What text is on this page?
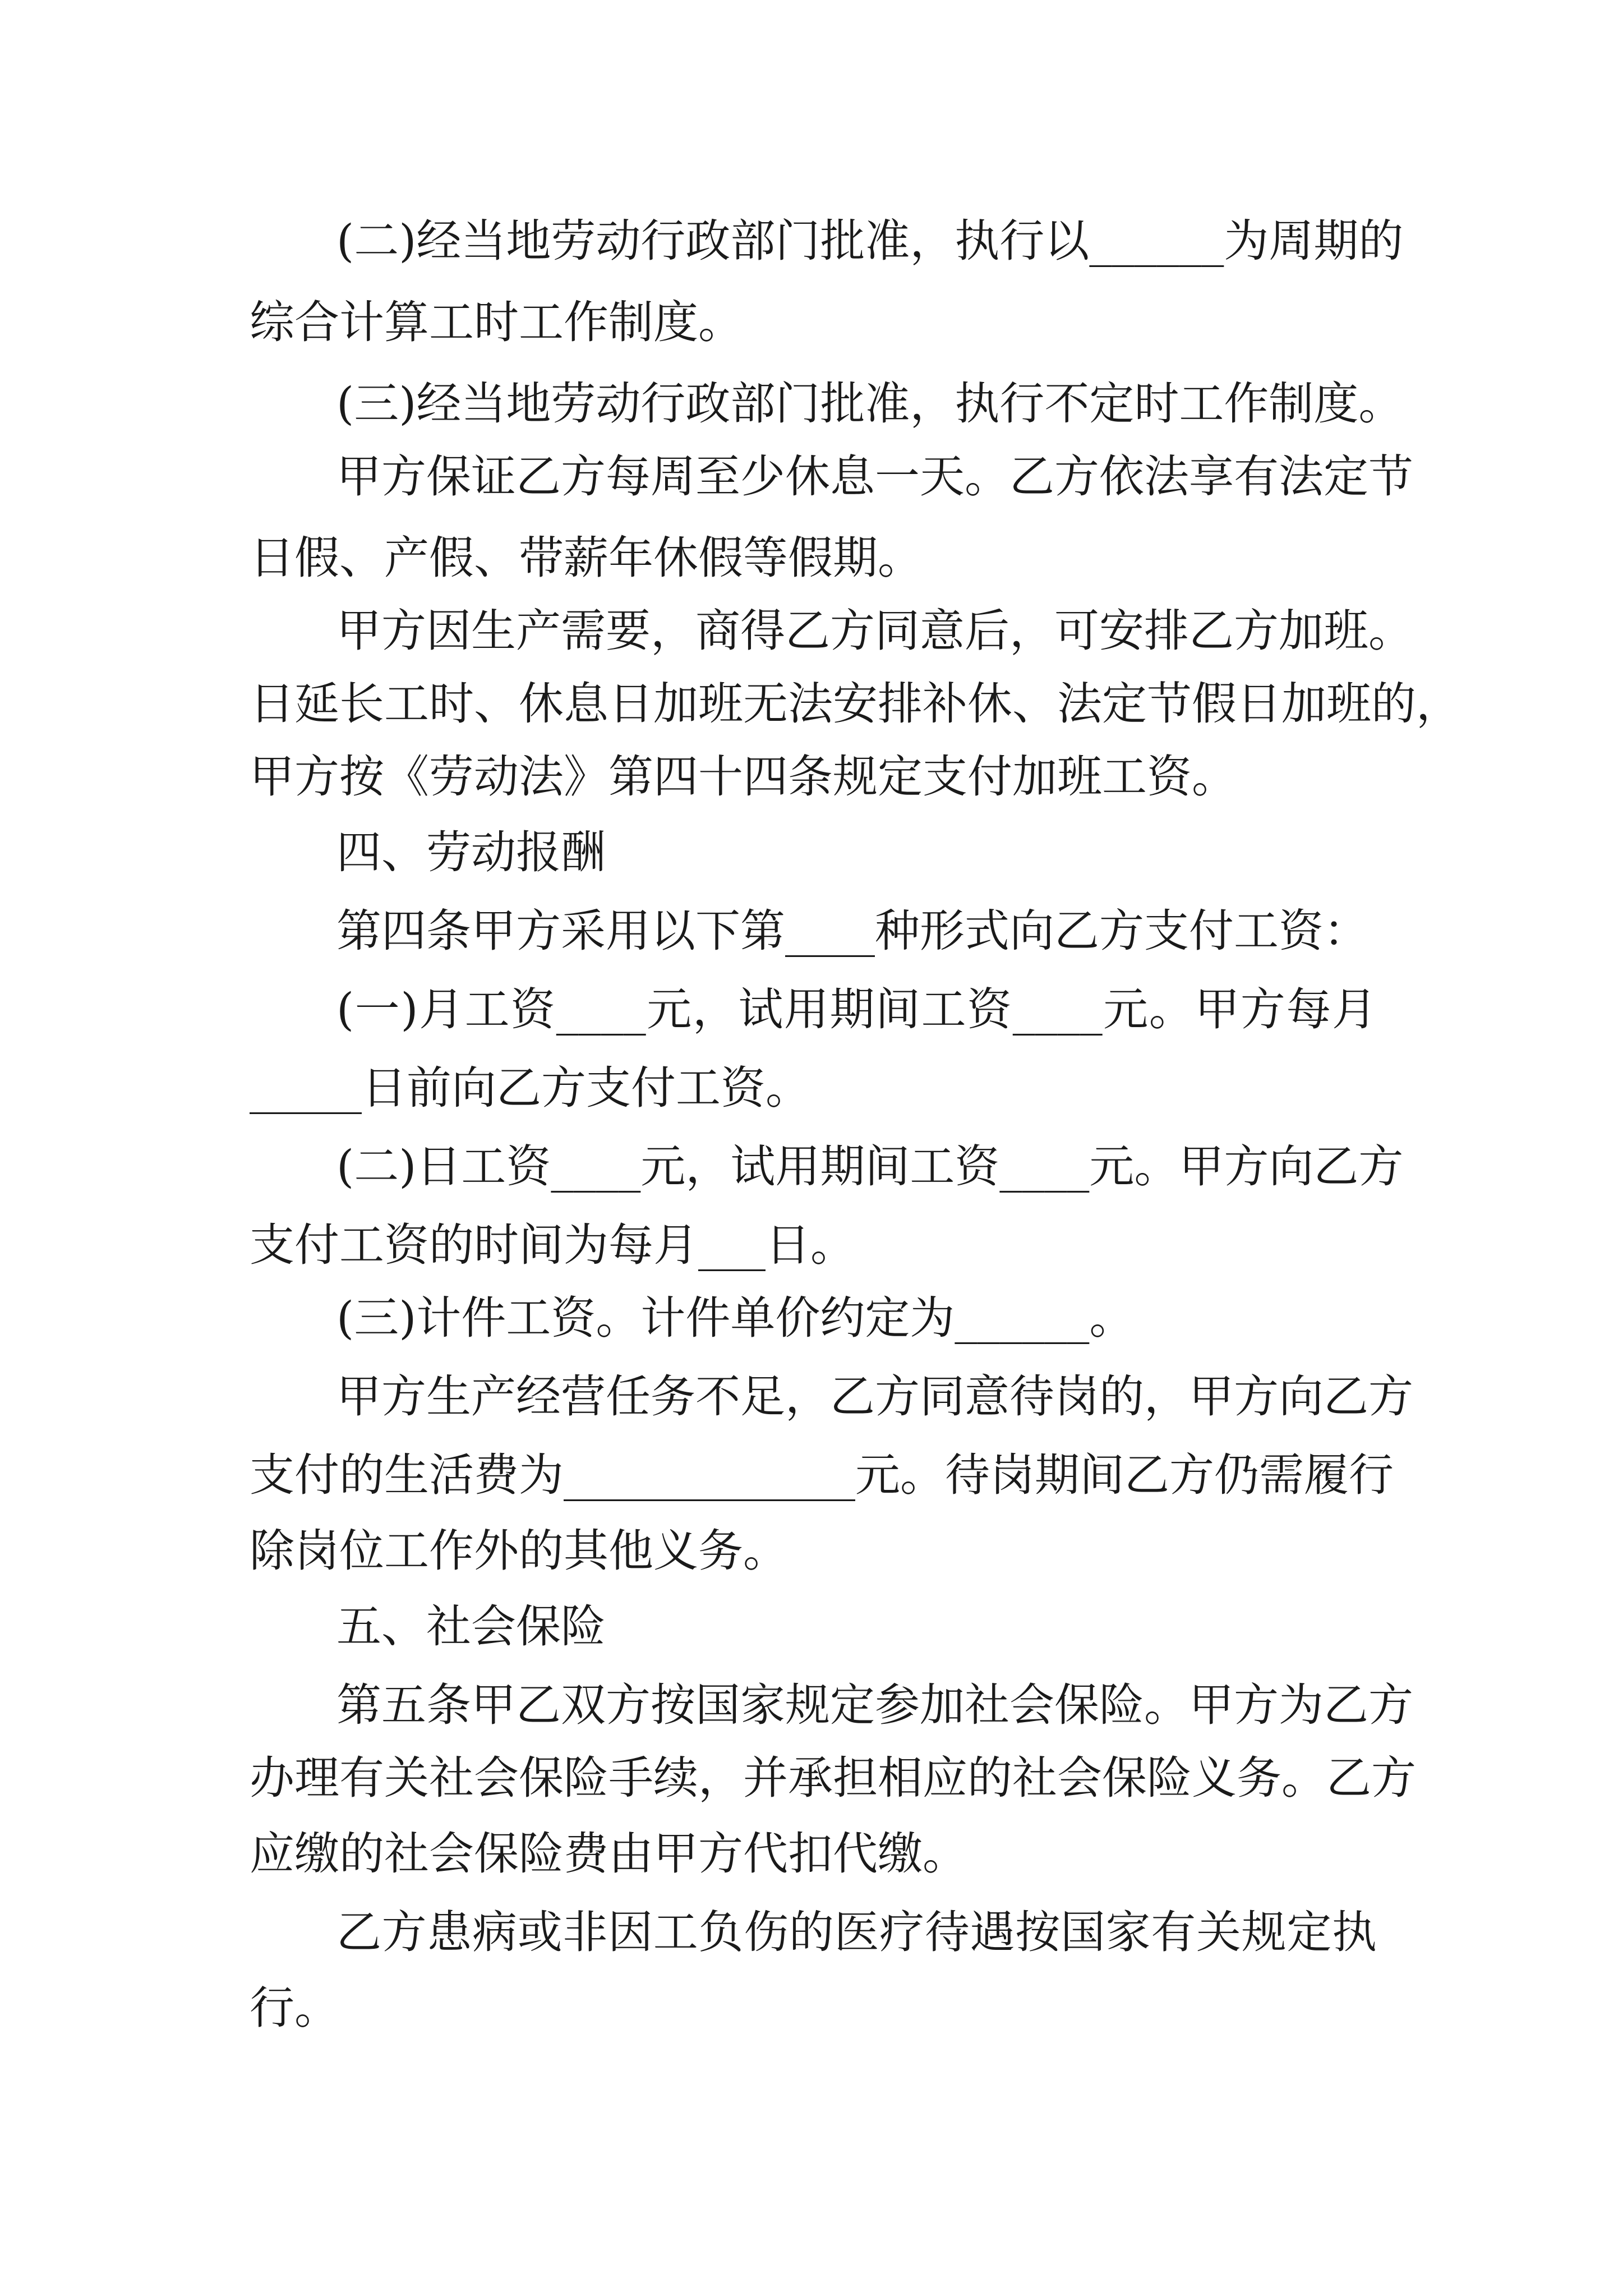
(二)经当地劳动行政部门批准，执行以______为周期的

综合计算工时工作制度。

(三)经当地劳动行政部门批准，执行不定时工作制度。

甲方保证乙方每周至少休息一天。乙方依法享有法定节

日假、产假、带薪年休假等假期。

甲方因生产需要，商得乙方同意后，可安排乙方加班。

日延长工时、休息日加班无法安排补休、法定节假日加班的，

甲方按《劳动法》第四十四条规定支付加班工资。

四、劳动报酬

第四条甲方采用以下第____种形式向乙方支付工资：

(一)月工资____元，试用期间工资____元。甲方每月

_____日前向乙方支付工资。

(二)日工资____元，试用期间工资____元。甲方向乙方

支付工资的时间为每月___日。

(三)计件工资。计件单价约定为______。

甲方生产经营任务不足，乙方同意待岗的，甲方向乙方

支付的生活费为_____________元。待岗期间乙方仍需履行

除岗位工作外的其他义务。

五、社会保险

第五条甲乙双方按国家规定参加社会保险。甲方为乙方

办理有关社会保险手续，并承担相应的社会保险义务。乙方

应缴的社会保险费由甲方代扣代缴。

乙方患病或非因工负伤的医疗待遇按国家有关规定执

行。
